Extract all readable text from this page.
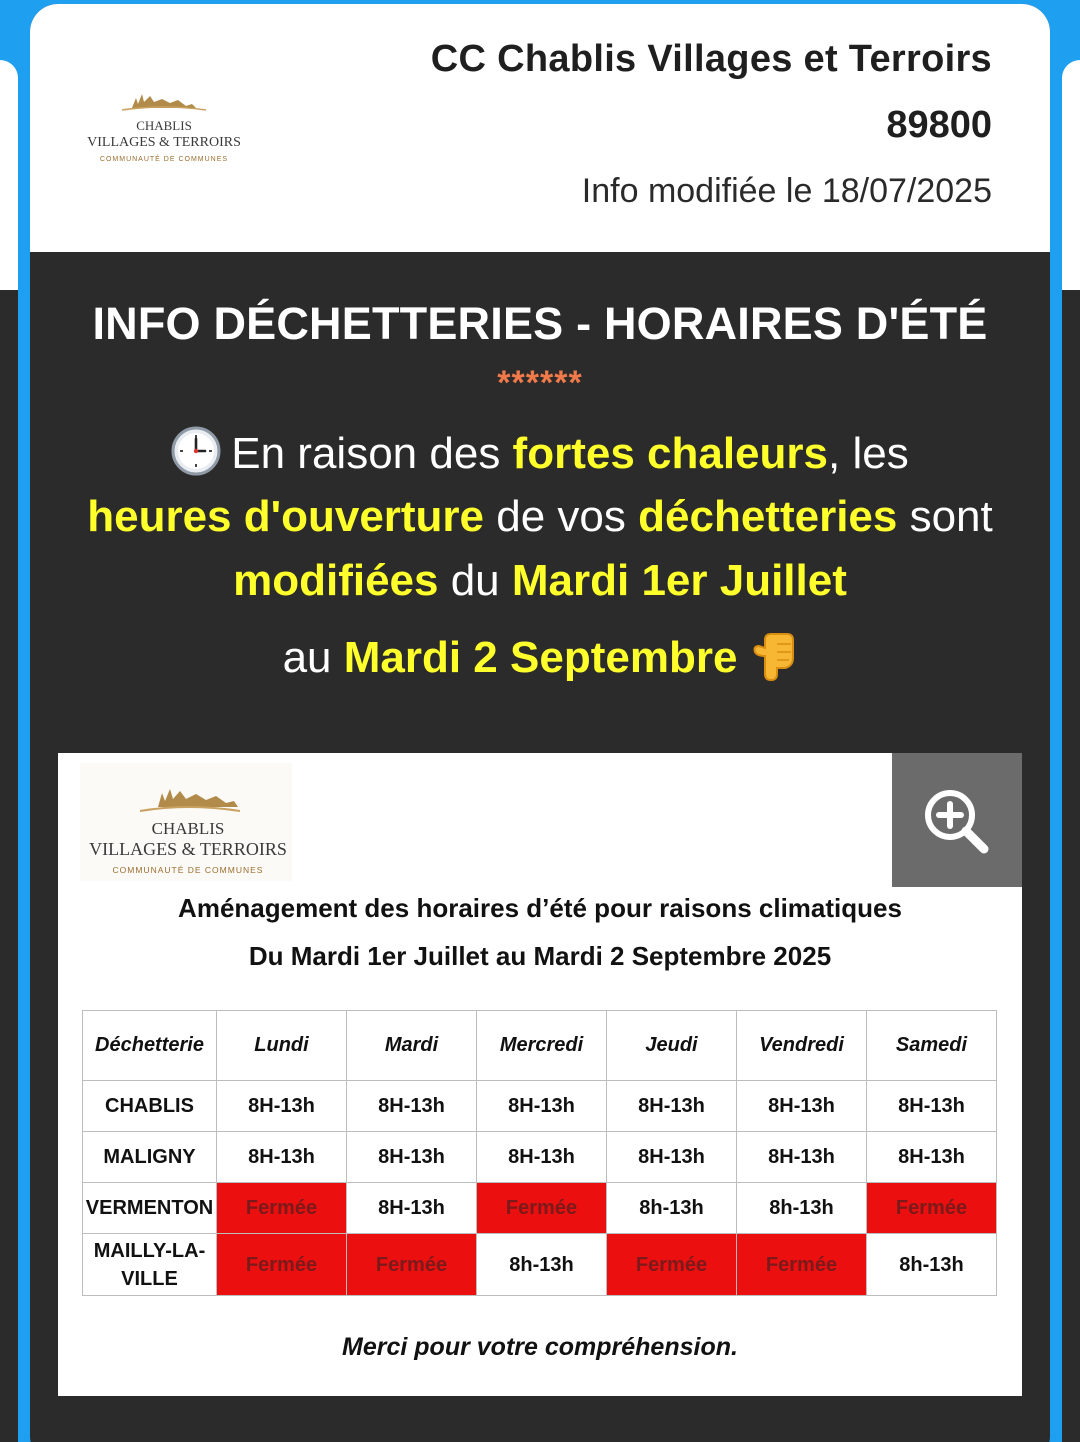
CHABLIS
VILLAGES & TERROIRS
COMMUNAUTÉ DE COMMUNES
CC Chablis Villages et Terroirs
89800
Info modifiée le 18/07/2025
INFO DÉCHETTERIES - HORAIRES D'ÉTÉ
******
En raison des fortes chaleurs, les
heures d'ouverture de vos déchetteries sont
modifiées du Mardi 1er Juillet
au Mardi 2 Septembre
CHABLIS
VILLAGES & TERROIRS
COMMUNAUTÉ DE COMMUNES
Aménagement des horaires d’été pour raisons climatiques
Du Mardi 1er Juillet au Mardi 2 Septembre 2025
Déchetterie	Lundi	Mardi	Mercredi	Jeudi	Vendredi	Samedi
CHABLIS	8H-13h	8H-13h	8H-13h	8H-13h	8H-13h	8H-13h
MALIGNY	8H-13h	8H-13h	8H-13h	8H-13h	8H-13h	8H-13h
VERMENTON	Fermée	8H-13h	Fermée	8h-13h	8h-13h	Fermée
MAILLY-LA-
VILLE	Fermée	Fermée	8h-13h	Fermée	Fermée	8h-13h
Merci pour votre compréhension.
